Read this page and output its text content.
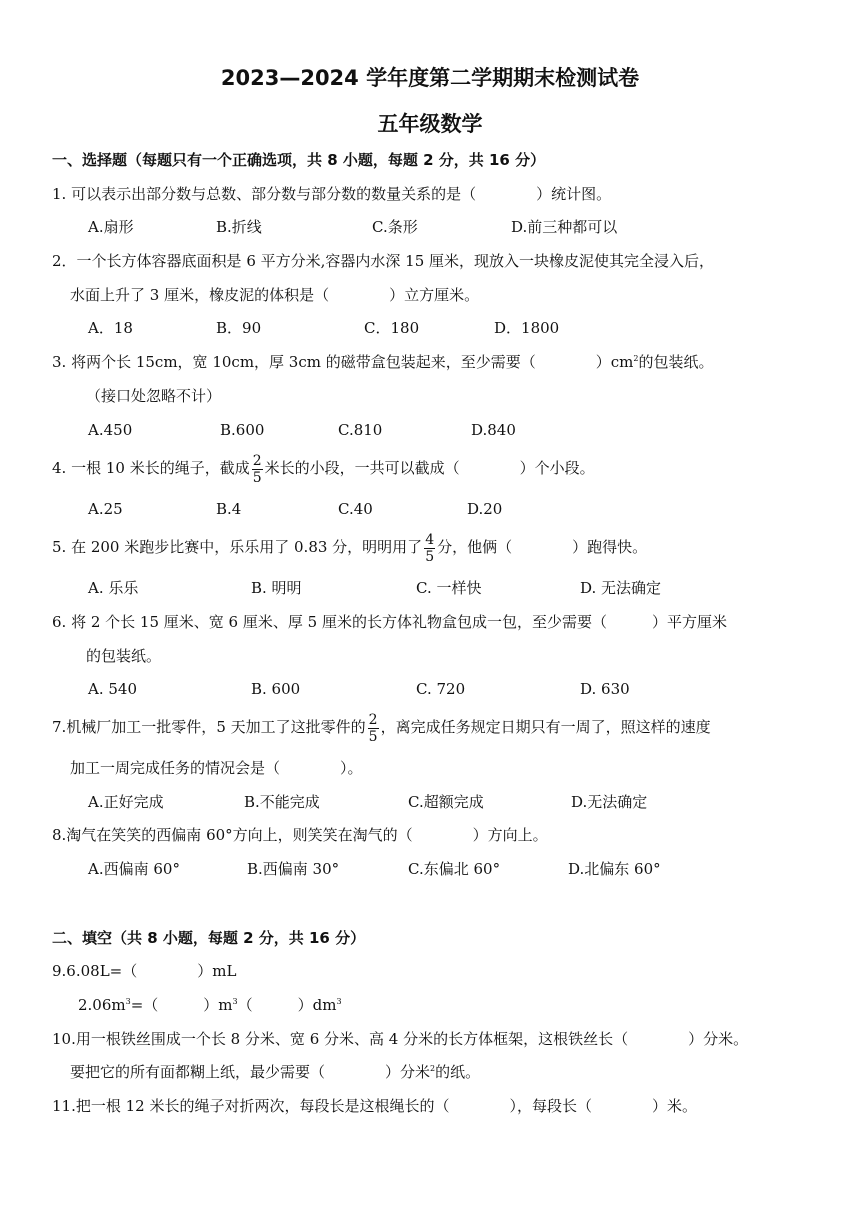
2023—2024 学年度第二学期期末检测试卷
五年级数学
一、选择题（每题只有一个正确选项，共 8 小题，每题 2 分，共 16 分）
1. 可以表示出部分数与总数、部分数与部分数的数量关系的是（　　　　）统计图。
A.扇形	B.折线	C.条形	D.前三种都可以
2．一个长方体容器底面积是 6 平方分米,容器内水深 15 厘米，现放入一块橡皮泥使其完全浸入后，
水面上升了 3 厘米，橡皮泥的体积是（　　　　）立方厘米。
A．18	B．90	C．180	D．1800
3. 将两个长 15cm，宽 10cm，厚 3cm 的磁带盒包装起来，至少需要（　　　　）$cm^2$的包装纸。
（接口处忽略不计）
A.450	B.600	C.810	D.840
4. 一根 10 米长的绳子，截成 $\frac{2}{5}$ 米长的小段，一共可以截成（　　　　）个小段。
A.25	B.4	C.40	D.20
5. 在 200 米跑步比赛中，乐乐用了 0.83 分，明明用了 $\frac{4}{5}$ 分，他俩（　　　　）跑得快。
A. 乐乐	B. 明明	C. 一样快	D. 无法确定
6. 将 2 个长 15 厘米、宽 6 厘米、厚 5 厘米的长方体礼物盒包成一包，至少需要（　　　）平方厘米
的包装纸。
A. 540	B. 600	C. 720	D. 630
7.机械厂加工一批零件，5 天加工了这批零件的 $\frac{2}{5}$ ，离完成任务规定日期只有一周了，照这样的速度
加工一周完成任务的情况会是（　　　　）。
A.正好完成	B.不能完成	C.超额完成	D.无法确定
8.淘气在笑笑的西偏南 60°方向上，则笑笑在淘气的（　　　　）方向上。
A.西偏南 60°	B.西偏南 30°	C.东偏北 60°	D.北偏东 60°
二、填空（共 8 小题，每题 2 分，共 16 分）
9.6.08L=（　　　　）mL
$2.06m^3=$（　　　）$m^3$（　　　）$dm^3$
10.用一根铁丝围成一个长 8 分米、宽 6 分米、高 4 分米的长方体框架，这根铁丝长（　　　　）分米。
要把它的所有面都糊上纸，最少需要（　　　　）分米$^2$的纸。
11.把一根 12 米长的绳子对折两次，每段长是这根绳长的（　　　　），每段长（　　　　）米。
